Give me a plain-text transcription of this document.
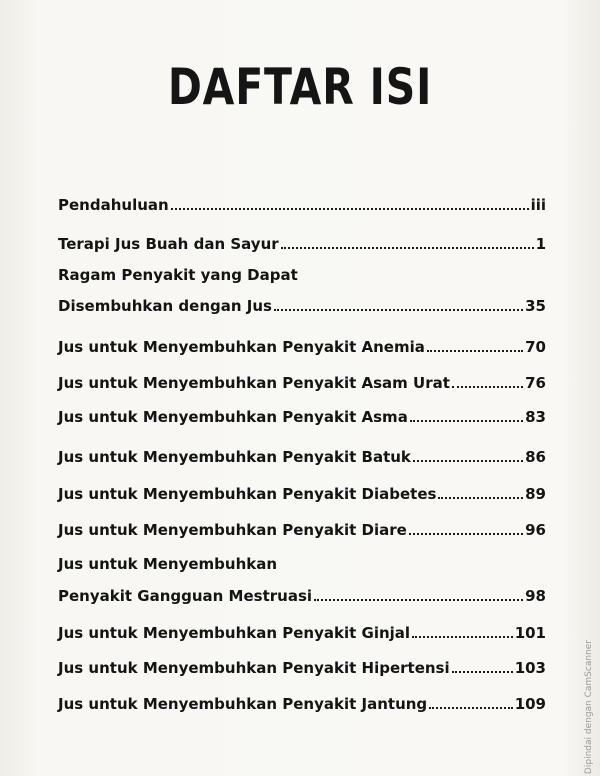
DAFTAR ISI
Pendahuluan	iii
Terapi Jus Buah dan Sayur	1
Ragam Penyakit yang Dapat
Disembuhkan dengan Jus	35
Jus untuk Menyembuhkan Penyakit Anemia	70
Jus untuk Menyembuhkan Penyakit Asam Urat	76
Jus untuk Menyembuhkan Penyakit Asma	83
Jus untuk Menyembuhkan Penyakit Batuk	86
Jus untuk Menyembuhkan Penyakit Diabetes	89
Jus untuk Menyembuhkan Penyakit Diare	96
Jus untuk Menyembuhkan
Penyakit Gangguan Mestruasi	98
Jus untuk Menyembuhkan Penyakit Ginjal	101
Jus untuk Menyembuhkan Penyakit Hipertensi	103
Jus untuk Menyembuhkan Penyakit Jantung	109	Dipindai dengan CamScanner
